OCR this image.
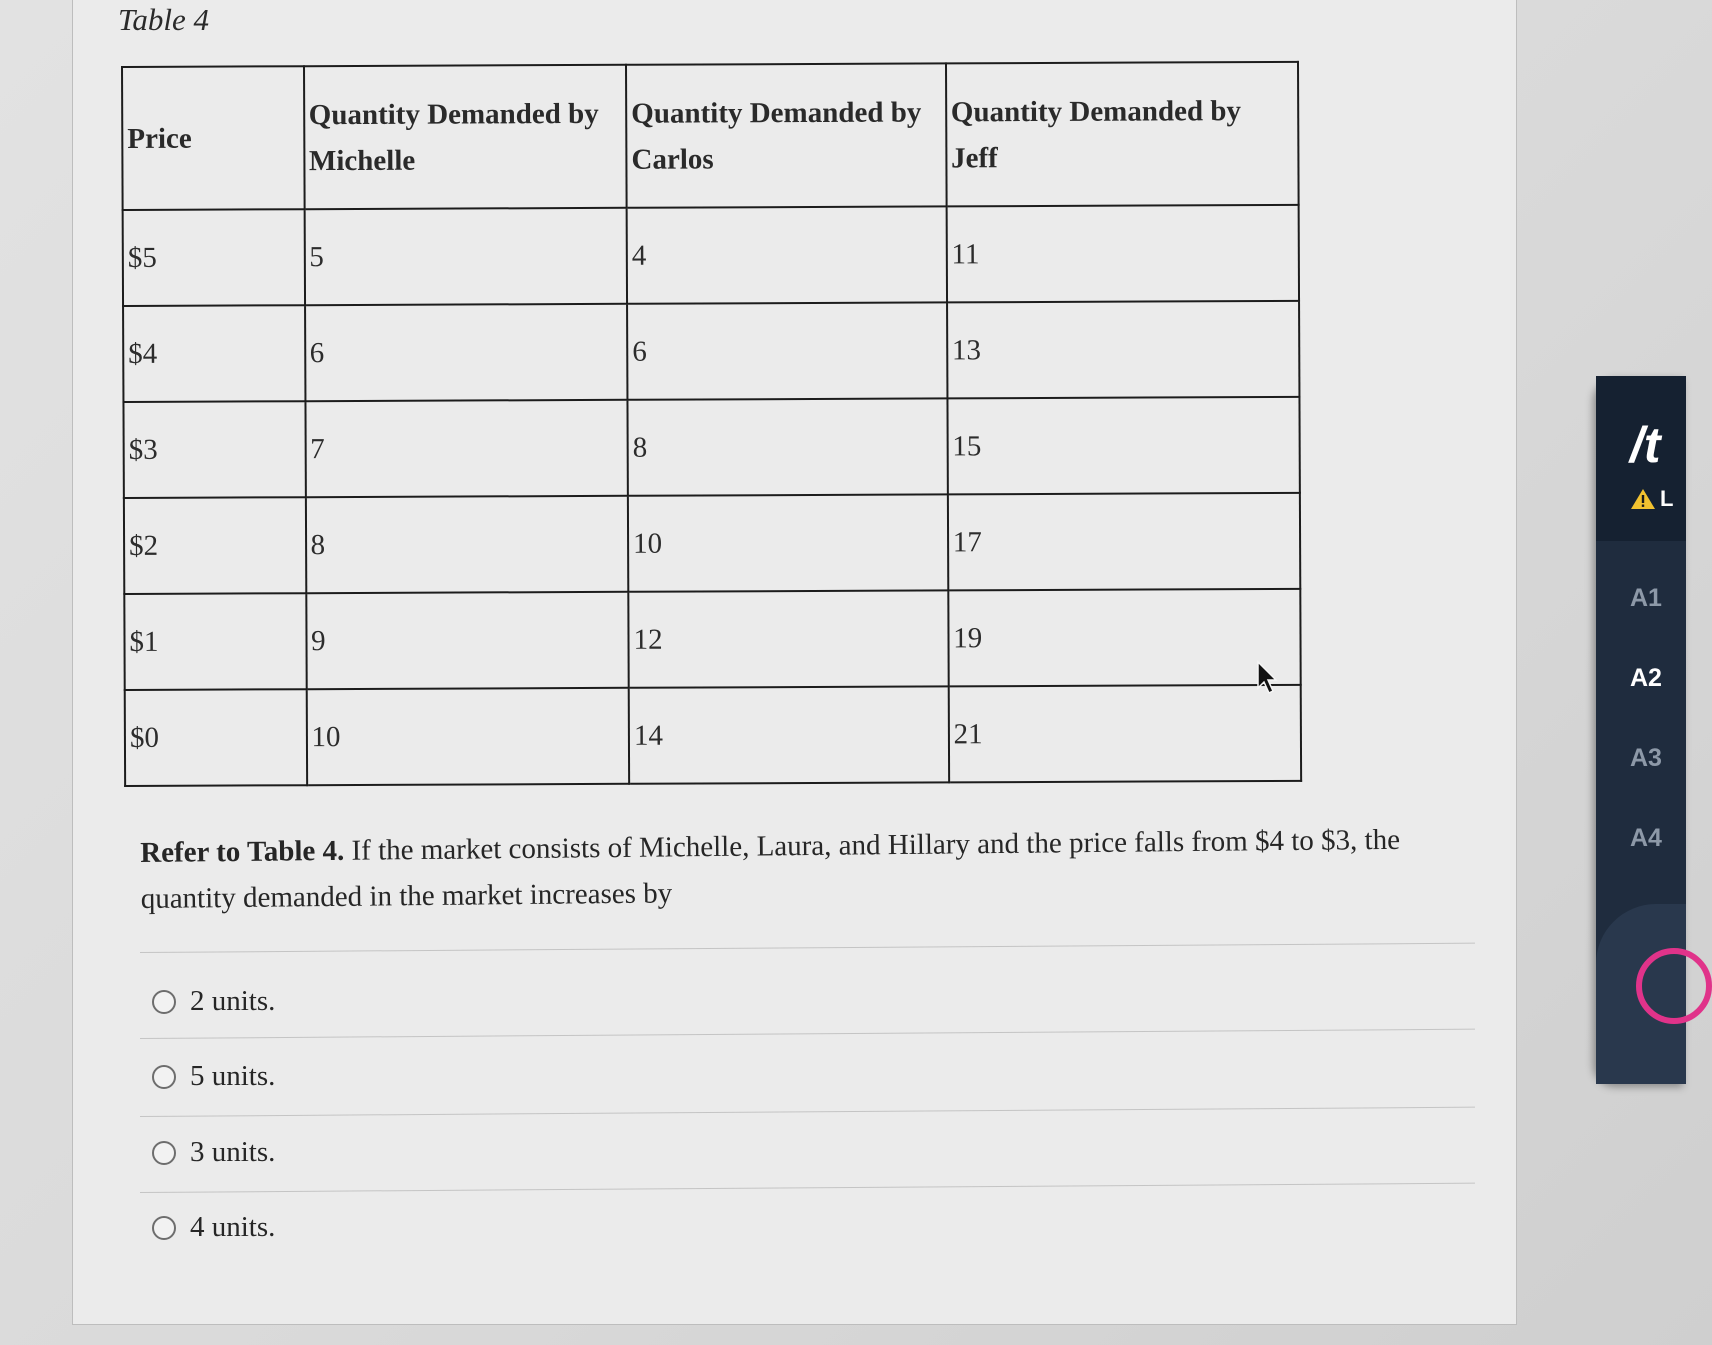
Table 4
Price	Quantity Demanded by Michelle	Quantity Demanded by Carlos	Quantity Demanded by Jeff
$5	5	4	11
$4	6	6	13
$3	7	8	15
$2	8	10	17
$1	9	12	19
$0	10	14	21
Refer to Table 4. If the market consists of Michelle, Laura, and Hillary and the price falls from $4 to $3, the quantity demanded in the market increases by
2 units.
5 units.
3 units.
4 units.
/t
L
A1
A2
A3
A4
